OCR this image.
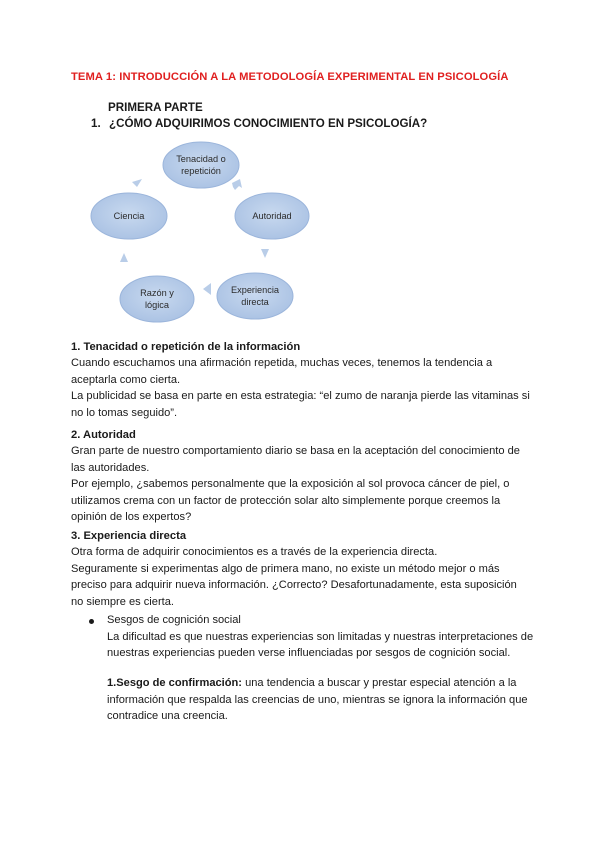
TEMA 1: INTRODUCCIÓN A LA METODOLOGÍA EXPERIMENTAL EN PSICOLOGÍA
PRIMERA PARTE
1. ¿CÓMO ADQUIRIMOS CONOCIMIENTO EN PSICOLOGÍA?
Tenacidad o
repetición
Autoridad
Experiencia
directa
Razón y
lógica
Ciencia
1. Tenacidad o repetición de la información

Cuando escuchamos una afirmación repetida, muchas veces, tenemos la tendencia a aceptarla como cierta.

La publicidad se basa en parte en esta estrategia: “el zumo de naranja pierde las vitaminas si no lo tomas seguido”.

2. Autoridad

Gran parte de nuestro comportamiento diario se basa en la aceptación del conocimiento de las autoridades.

Por ejemplo, ¿sabemos personalmente que la exposición al sol provoca cáncer de piel, o utilizamos crema con un factor de protección solar alto simplemente porque creemos la opinión de los expertos?

3. Experiencia directa

Otra forma de adquirir conocimientos es a través de la experiencia directa.

Seguramente si experimentas algo de primera mano, no existe un método mejor o más preciso para adquirir nueva información. ¿Correcto? Desafortunadamente, esta suposición no siempre es cierta.

Sesgos de cognición social

La dificultad es que nuestras experiencias son limitadas y nuestras interpretaciones de nuestras experiencias pueden verse influenciadas por sesgos de cognición social.

1.Sesgo de confirmación: una tendencia a buscar y prestar especial atención a la información que respalda las creencias de uno, mientras se ignora la información que contradice una creencia.
